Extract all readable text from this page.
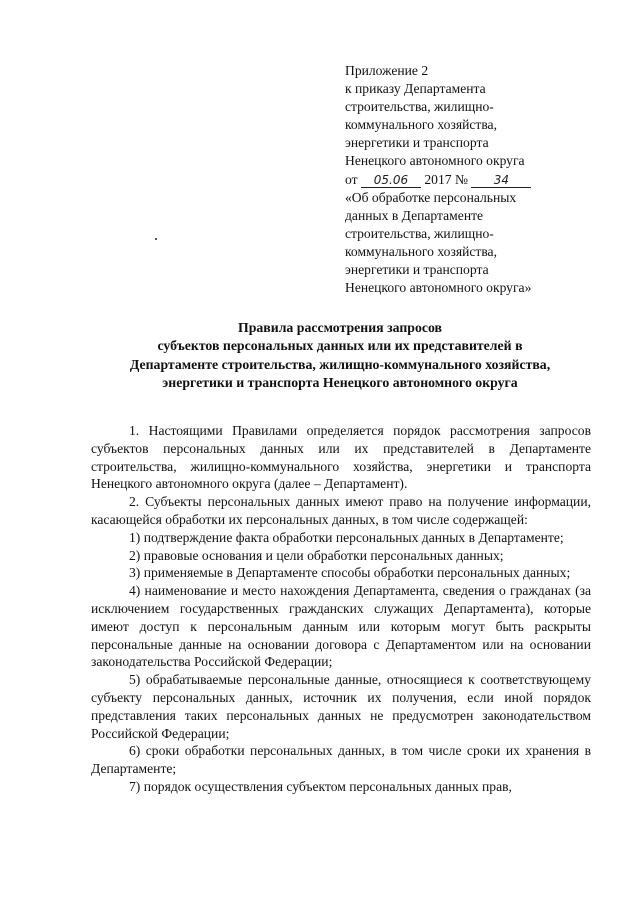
Приложение 2
к приказу Департамента
строительства, жилищно-
коммунального хозяйства,
энергетики и транспорта
Ненецкого автономного округа
от 05.06 2017 № 34
«Об обработке персональных
данных в Департаменте
строительства, жилищно-
коммунального хозяйства,
энергетики и транспорта
Ненецкого автономного округа»
Правила рассмотрения запросов
субъектов персональных данных или их представителей в
Департаменте строительства, жилищно-коммунального хозяйства,
энергетики и транспорта Ненецкого автономного округа

1. Настоящими Правилами определяется порядок рассмотрения запросов субъектов персональных данных или их представителей в Департаменте строительства, жилищно-коммунального хозяйства, энергетики и транспорта Ненецкого автономного округа (далее – Департамент).

2. Субъекты персональных данных имеют право на получение информации, касающейся обработки их персональных данных, в том числе содержащей:

1) подтверждение факта обработки персональных данных в Департаменте;

2) правовые основания и цели обработки персональных данных;

3) применяемые в Департаменте способы обработки персональных данных;

4) наименование и место нахождения Департамента, сведения о гражданах (за исключением государственных гражданских служащих Департамента), которые имеют доступ к персональным данным или которым могут быть раскрыты персональные данные на основании договора с Департаментом или на основании законодательства Российской Федерации;

5) обрабатываемые персональные данные, относящиеся к соответствующему субъекту персональных данных, источник их получения, если иной порядок представления таких персональных данных не предусмотрен законодательством Российской Федерации;

6) сроки обработки персональных данных, в том числе сроки их хранения в Департаменте;

7) порядок осуществления субъектом персональных данных прав,
